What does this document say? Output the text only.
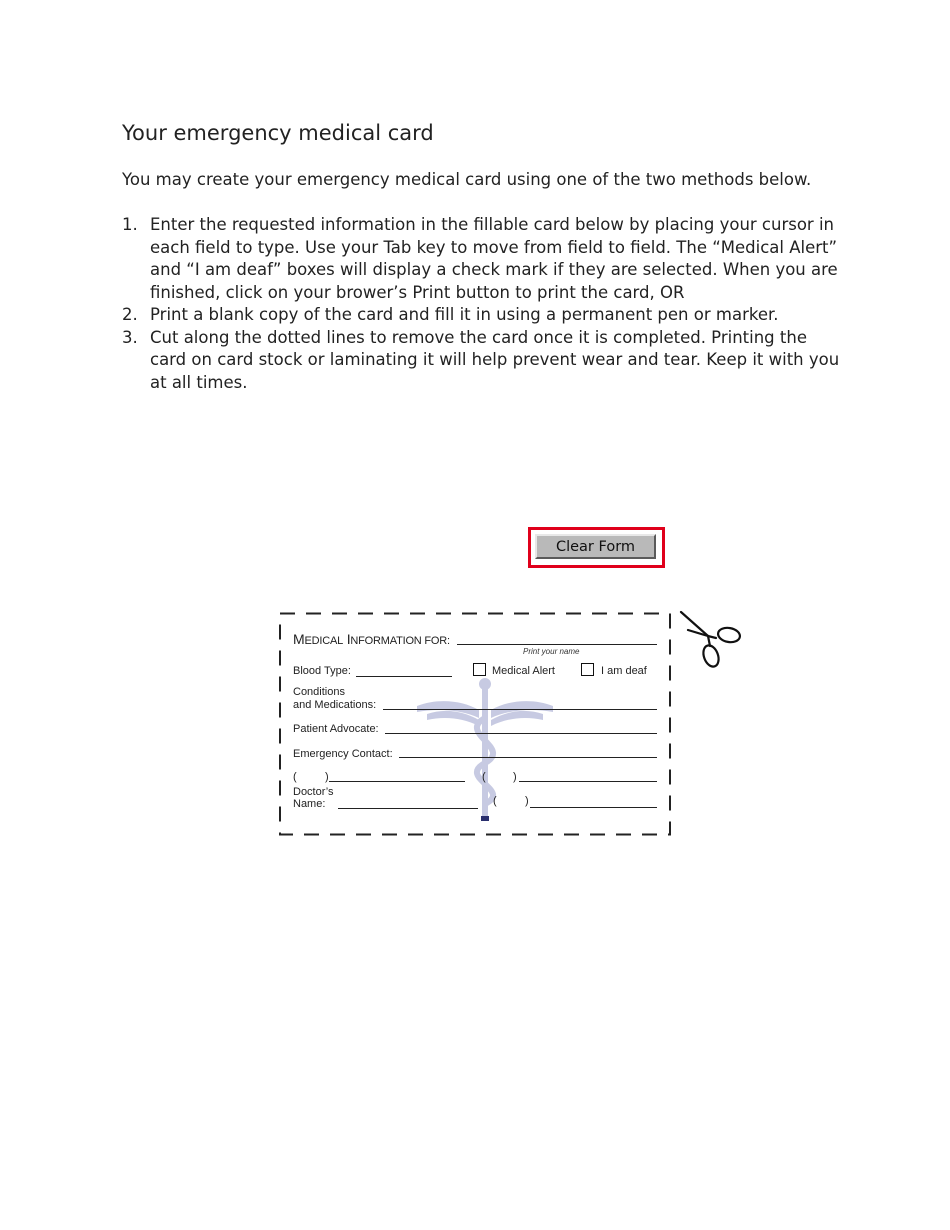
Your emergency medical card

You may create your emergency medical card using one of the two methods below.

1. Enter the requested information in the fillable card below by placing your cursor in each field to type. Use your Tab key to move from field to field. The “Medical Alert” and “I am deaf” boxes will display a check mark if they are selected. When you are finished, click on your brower’s Print button to print the card, OR
2. Print a blank copy of the card and fill it in using a permanent pen or marker.
3. Cut along the dotted lines to remove the card once it is completed. Printing the card on card stock or laminating it will help prevent wear and tear. Keep it with you at all times.
Clear Form
MEDICAL INFORMATION FOR:
Print your name
Blood Type:	Medical Alert	I am deaf
Conditions
and Medications:
Patient Advocate:
Emergency Contact:
(	)	( )
Doctor’s
Name:	(	)
